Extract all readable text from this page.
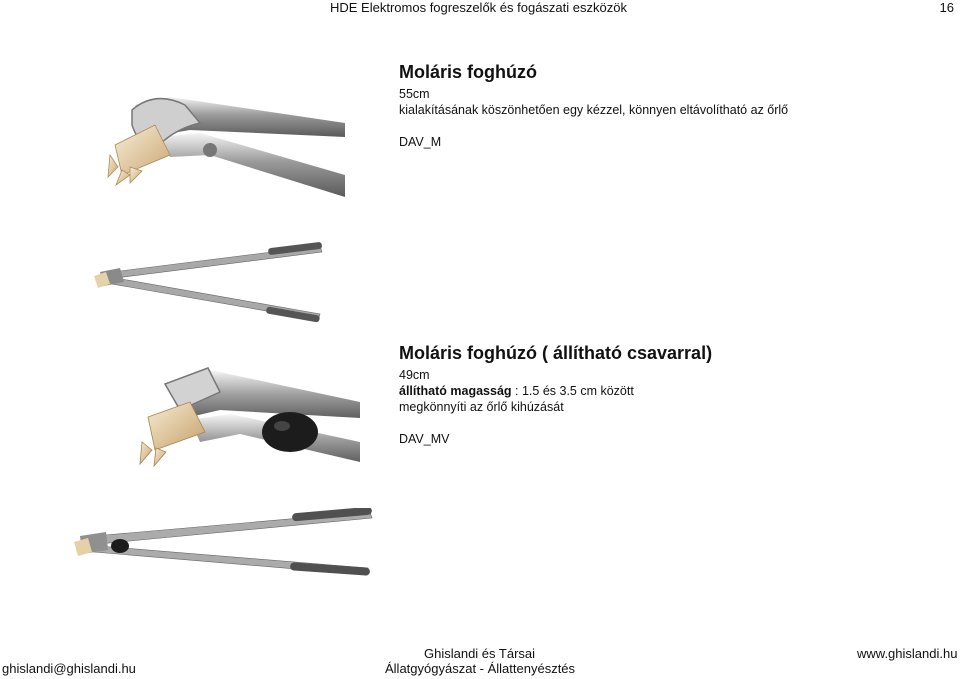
HDE Elektromos fogreszelők és fogászati eszközök	16
Moláris foghúzó
55cm
kialakításának köszönhetően egy kézzel, könnyen eltávolítható az őrlő
DAV_M
Moláris foghúzó ( állítható csavarral)
49cm
állítható magasság : 1.5 és 3.5 cm között
megkönnyíti az őrlő kihúzását
DAV_MV
ghislandi@ghislandi.hu
Ghislandi és Társai
Állatgyógyászat - Állattenyésztés
www.ghislandi.hu
